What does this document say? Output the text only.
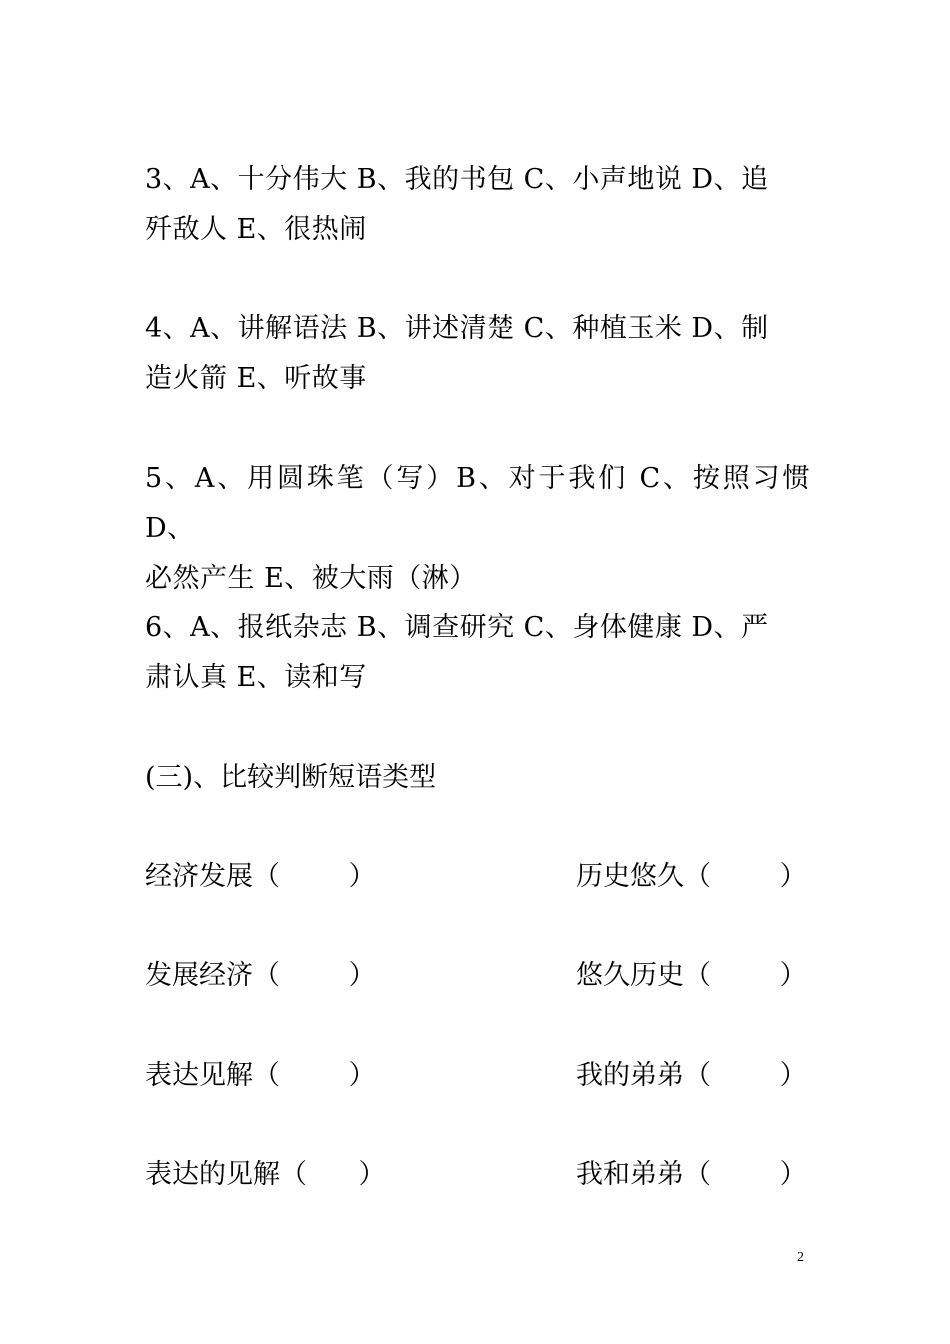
3、A、十分伟大 B、我的书包 C、小声地说 D、追

歼敌人 E、很热闹

4、A、讲解语法 B、讲述清楚 C、种植玉米 D、制

造火箭 E、听故事

5、A、用圆珠笔（写）B、对于我们 C、按照习惯 D、

必然产生 E、被大雨（淋）

6、A、报纸杂志 B、调查研究 C、身体健康 D、严

肃认真 E、读和写

(三)、比较判断短语类型
经济发展（        ）	历史悠久（        ）
发展经济（        ）	悠久历史（        ）
表达见解（        ）	我的弟弟（        ）
表达的见解（      ）	我和弟弟（        ）
2
